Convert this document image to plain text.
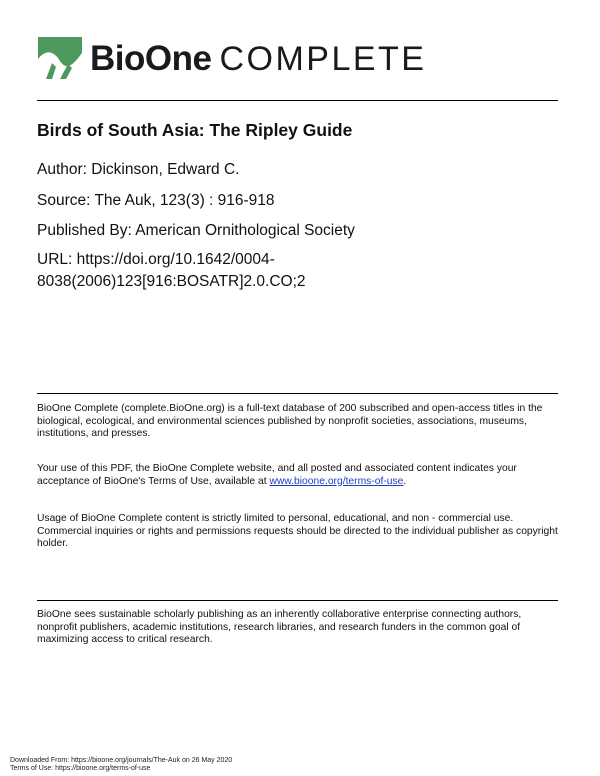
BioOne COMPLETE
Birds of South Asia: The Ripley Guide
Author: Dickinson, Edward C.
Source: The Auk, 123(3) : 916-918
Published By: American Ornithological Society
URL: https://doi.org/10.1642/0004-
8038(2006)123[916:BOSATR]2.0.CO;2
BioOne Complete (complete.BioOne.org) is a full-text database of 200 subscribed and open-access titles in the biological, ecological, and environmental sciences published by nonprofit societies, associations, museums, institutions, and presses.
Your use of this PDF, the BioOne Complete website, and all posted and associated content indicates your acceptance of BioOne's Terms of Use, available at www.bioone.org/terms-of-use.
Usage of BioOne Complete content is strictly limited to personal, educational, and non - commercial use. Commercial inquiries or rights and permissions requests should be directed to the individual publisher as copyright holder.
BioOne sees sustainable scholarly publishing as an inherently collaborative enterprise connecting authors, nonprofit publishers, academic institutions, research libraries, and research funders in the common goal of maximizing access to critical research.
Downloaded From: https://bioone.org/journals/The-Auk on 26 May 2020
Terms of Use: https://bioone.org/terms-of-use
